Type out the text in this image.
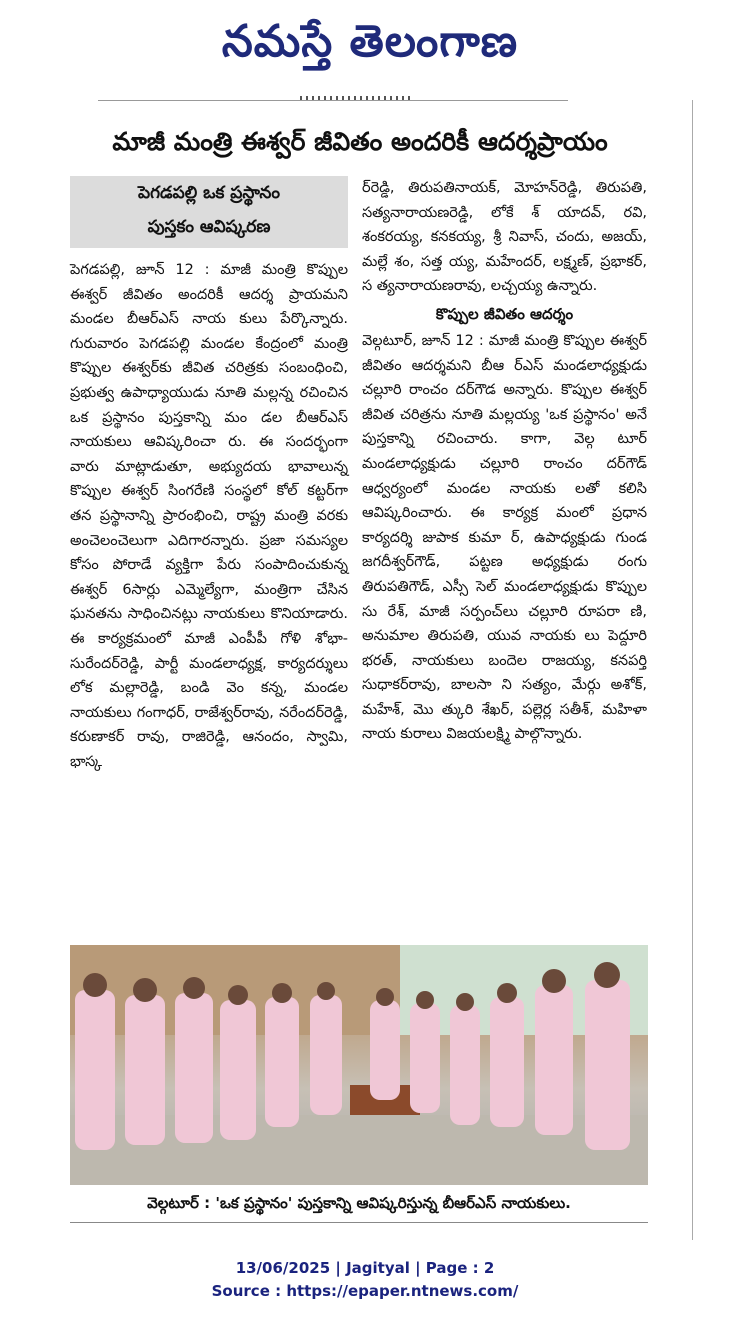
నమస్తే తెలంగాణ
మాజీ మంత్రి ఈశ్వర్‌ జీవితం అందరికీ ఆదర్శప్రాయం
పెగడపల్లి ఒక ప్రస్థానం
పుస్తకం ఆవిష్కరణ

పెగడపల్లి, జూన్‌ 12 : మాజీ మంత్రి కొప్పుల ఈశ్వర్‌ జీవితం అందరికీ ఆదర్శ ప్రాయమని మండల బీఆర్‌ఎస్‌ నాయ కులు పేర్కొన్నారు. గురువారం పెగడపల్లి మండల కేంద్రంలో మంత్రి కొప్పుల ఈశ్వర్‌కు జీవిత చరిత్రకు సంబంధించి, ప్రభుత్వ ఉపాధ్యాయుడు నూతి మల్లన్న రచించిన ఒక ప్రస్థానం పుస్తకాన్ని మం డల బీఆర్‌ఎస్‌ నాయకులు ఆవిష్కరించా రు. ఈ సందర్భంగా వారు మాట్లాడుతూ, అభ్యుదయ భావాలున్న కొప్పుల ఈశ్వర్‌ సింగరేణి సంస్థలో కోల్‌ కట్టర్‌గా తన ప్రస్థానాన్ని ప్రారంభించి, రాష్ట్ర మంత్రి వరకు అంచెలంచెలుగా ఎదిగారన్నారు. ప్రజా సమస్యల కోసం పోరాడే వ్యక్తిగా పేరు సంపాదించుకున్న ఈశ్వర్‌ 6సార్లు ఎమ్మెల్యేగా, మంత్రిగా చేసిన ఘనతను సాధించినట్లు నాయకులు కొనియాడారు. ఈ కార్యక్రమంలో మాజీ ఎంపీపీ గోళి శోభా-సురేందర్‌రెడ్డి, పార్టీ మండలాధ్యక్ష, కార్యదర్శులు లోక మల్లారెడ్డి, బండి వెం కన్న, మండల నాయకులు గంగాధర్‌, రాజేశ్వర్‌రావు, నరేందర్‌రెడ్డి, కరుణాకర్‌ రావు, రాజిరెడ్డి, ఆనందం, స్వామి, భాస్క

ర్‌రెడ్డి, తిరుపతినాయక్‌, మోహన్‌రెడ్డి, తిరుపతి, సత్యనారాయణరెడ్డి, లోకే శ్‌ యాదవ్‌, రవి, శంకరయ్య, కనకయ్య, శ్రీ నివాస్‌, చందు, అజయ్‌, మల్లే శం, సత్త య్య, మహేందర్‌, లక్ష్మణ్‌, ప్రభాకర్‌, స త్యనారాయణరావు, లచ్చయ్య ఉన్నారు.

కొప్పుల జీవితం ఆదర్శం

వెల్గటూర్‌, జూన్‌ 12 : మాజీ మంత్రి కొప్పుల ఈశ్వర్‌ జీవితం ఆదర్శమని బీఆ ర్‌ఎస్‌ మండలాధ్యక్షుడు చల్లూరి రాంచం దర్‌గౌడ అన్నారు. కొప్పుల ఈశ్వర్‌ జీవిత చరిత్రను నూతి మల్లయ్య 'ఒక ప్రస్థానం' అనే పుస్తకాన్ని రచించారు. కాగా, వెల్గ టూర్‌ మండలాధ్యక్షుడు చల్లూరి రాంచం దర్‌గౌడ్‌ ఆధ్వర్యంలో మండల నాయకు లతో కలిసి ఆవిష్కరించారు. ఈ కార్యక్ర మంలో ప్రధాన కార్యదర్శి జుపాక కుమా ర్‌, ఉపాధ్యక్షుడు గుండ జగదీశ్వర్‌గౌడ్‌, పట్టణ అధ్యక్షుడు రంగు తిరుపతిగౌడ్‌, ఎస్సీ సెల్‌ మండలాధ్యక్షుడు కొప్పుల సు రేశ్‌, మాజీ సర్పంచ్‌లు చల్లూరి రూపరా ణి, అనుమాల తిరుపతి, యువ నాయకు లు పెద్దూరి భరత్‌, నాయకులు బందెల రాజయ్య, కనపర్తి సుధాకర్‌రావు, బాలసా ని సత్యం, మేర్గు అశోక్‌, మహేశ్‌, మొ త్కురి శేఖర్‌, పల్లెర్ల సతీశ్‌, మహిళా నాయ కురాలు విజయలక్ష్మి పాల్గొన్నారు.

వెల్గటూర్‌ : 'ఒక ప్రస్థానం' పుస్తకాన్ని ఆవిష్కరిస్తున్న బీఆర్‌ఎస్‌ నాయకులు.
13/06/2025 | Jagityal | Page : 2
Source : https://epaper.ntnews.com/
